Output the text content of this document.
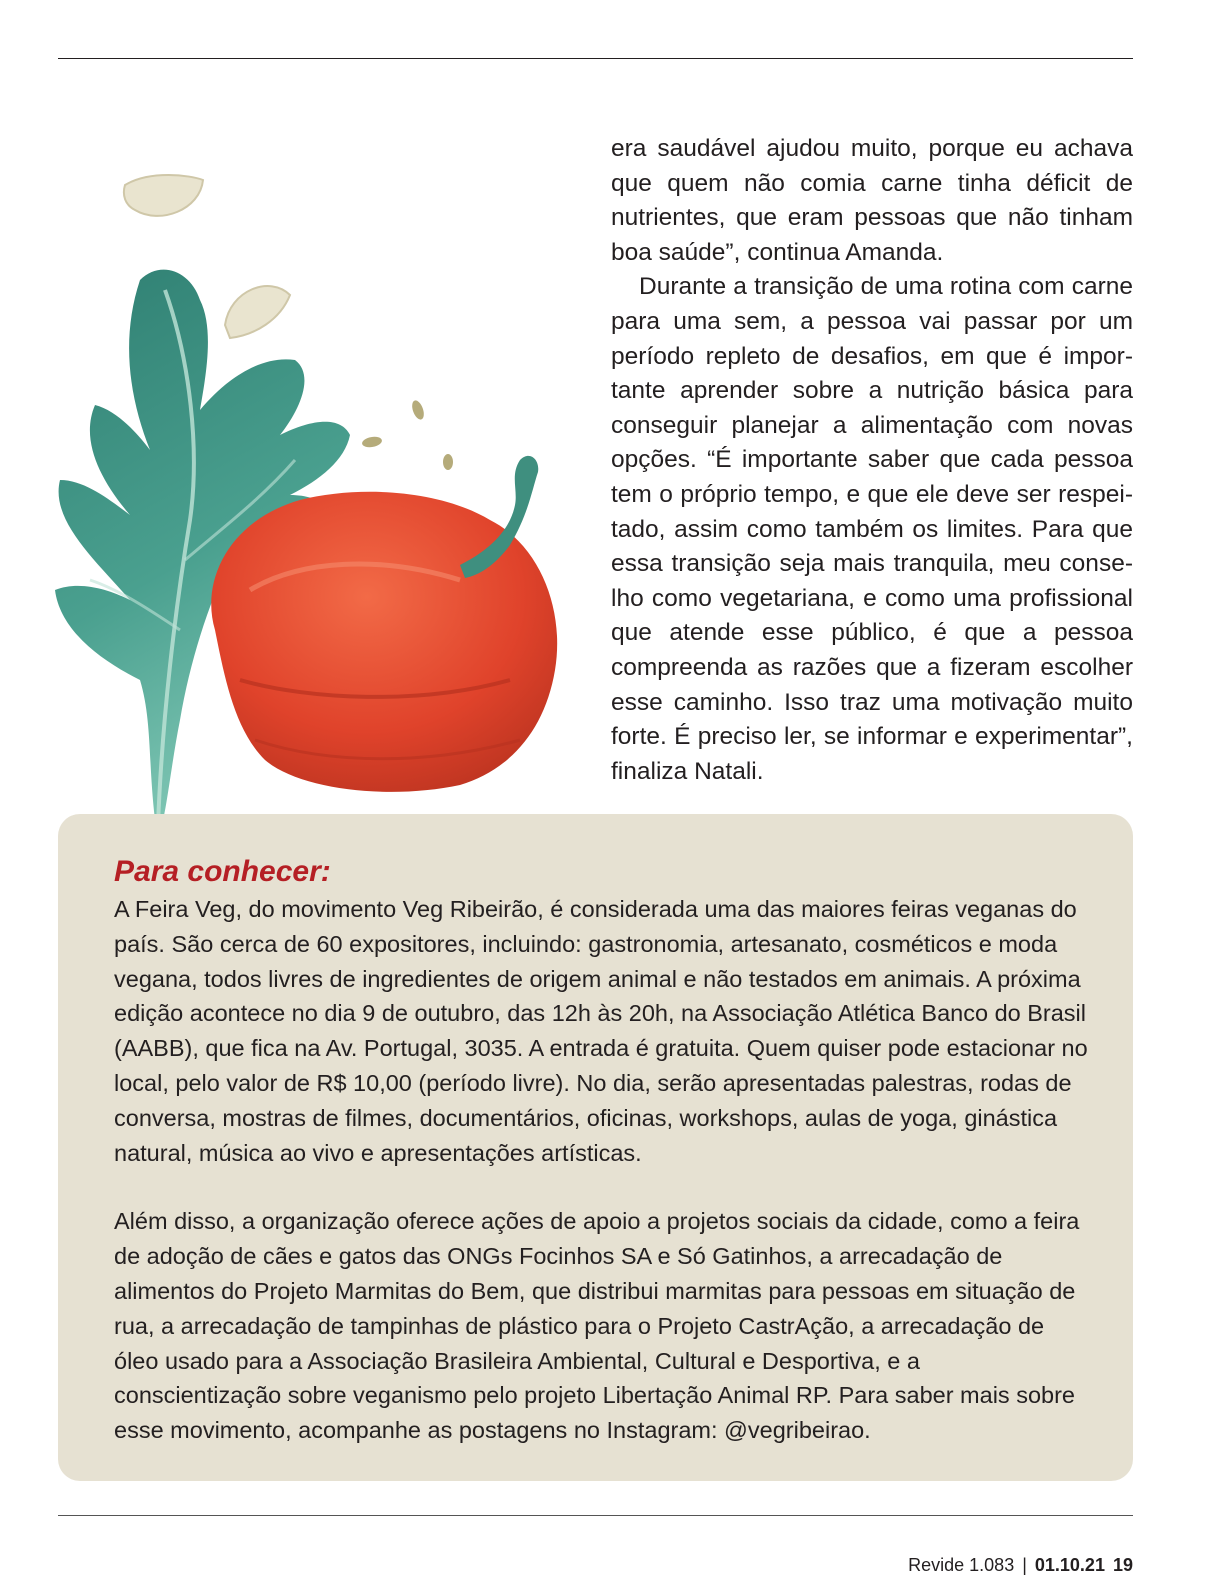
era saudável ajudou muito, porque eu achava que quem não comia carne tinha déficit de nutrientes, que eram pessoas que não tinham boa saúde”, continua Amanda.

Durante a transição de uma rotina com carne para uma sem, a pessoa vai passar por um período repleto de desafios, em que é importante aprender sobre a nutrição básica para conseguir planejar a alimentação com novas opções. “É importante saber que cada pessoa tem o próprio tempo, e que ele deve ser respeitado, assim como também os limites. Para que essa transição seja mais tranquila, meu conselho como vegetariana, e como uma profissional que atende esse público, é que a pessoa compreenda as razões que a fizeram escolher esse caminho. Isso traz uma motivação muito forte. É preciso ler, se informar e experimentar”, finaliza Natali.

Para conhecer:

A Feira Veg, do movimento Veg Ribeirão, é considerada uma das maiores feiras veganas do país. São cerca de 60 expositores, incluindo: gastronomia, artesanato, cosméticos e moda vegana, todos livres de ingredientes de origem animal e não testados em animais. A próxima edição acontece no dia 9 de outubro, das 12h às 20h, na Associação Atlética Banco do Brasil (AABB), que fica na Av. Portugal, 3035. A entrada é gratuita. Quem quiser pode estacionar no local, pelo valor de R$ 10,00 (período livre). No dia, serão apresentadas palestras, rodas de conversa, mostras de filmes, documentários, oficinas, workshops, aulas de yoga, ginástica natural, música ao vivo e apresentações artísticas.

Além disso, a organização oferece ações de apoio a projetos sociais da cidade, como a feira de adoção de cães e gatos das ONGs Focinhos SA e Só Gatinhos, a arrecadação de alimentos do Projeto Marmitas do Bem, que distribui marmitas para pessoas em situação de rua, a arrecadação de tampinhas de plástico para o Projeto CastrAção, a arrecadação de óleo usado para a Associação Brasileira Ambiental, Cultural e Desportiva, e a conscientização sobre veganismo pelo projeto Libertação Animal RP. Para saber mais sobre esse movimento, acompanhe as postagens no Instagram: @vegribeirao.

Revide 1.083 | 01.10.21 19
